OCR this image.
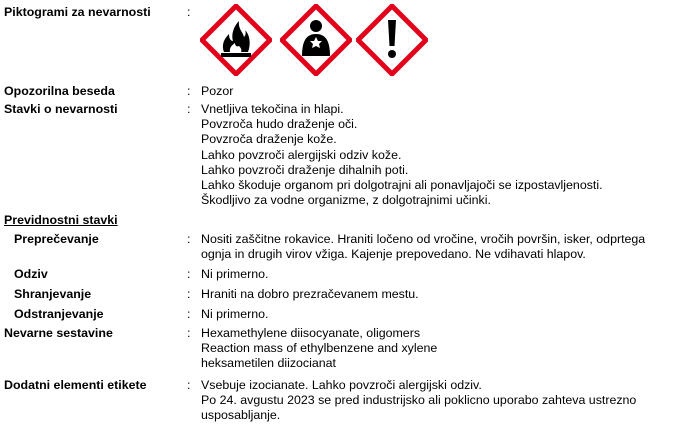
Piktogrami za nevarnosti	:
Opozorilna beseda	: Pozor
Stavki o nevarnosti	: Vnetljiva tekočina in hlapi.
Povzroča hudo draženje oči.
Povzroča draženje kože.
Lahko povzroči alergijski odziv kože.
Lahko povzroči draženje dihalnih poti.
Lahko škoduje organom pri dolgotrajni ali ponavljajoči se izpostavljenosti.
Škodljivo za vodne organizme, z dolgotrajnimi učinki.
Previdnostni stavki
Preprečevanje	: Nositi zaščitne rokavice. Hraniti ločeno od vročine, vročih površin, isker, odprtega
ognja in drugih virov vžiga. Kajenje prepovedano. Ne vdihavati hlapov.
Odziv	: Ni primerno.
Shranjevanje	: Hraniti na dobro prezračevanem mestu.
Odstranjevanje	: Ni primerno.
Nevarne sestavine	: Hexamethylene diisocyanate, oligomers
Reaction mass of ethylbenzene and xylene
heksametilen diizocianat
Dodatni elementi etikete	: Vsebuje izocianate. Lahko povzroči alergijski odziv.
Po 24. avgustu 2023 se pred industrijsko ali poklicno uporabo zahteva ustrezno
usposabljanje.
